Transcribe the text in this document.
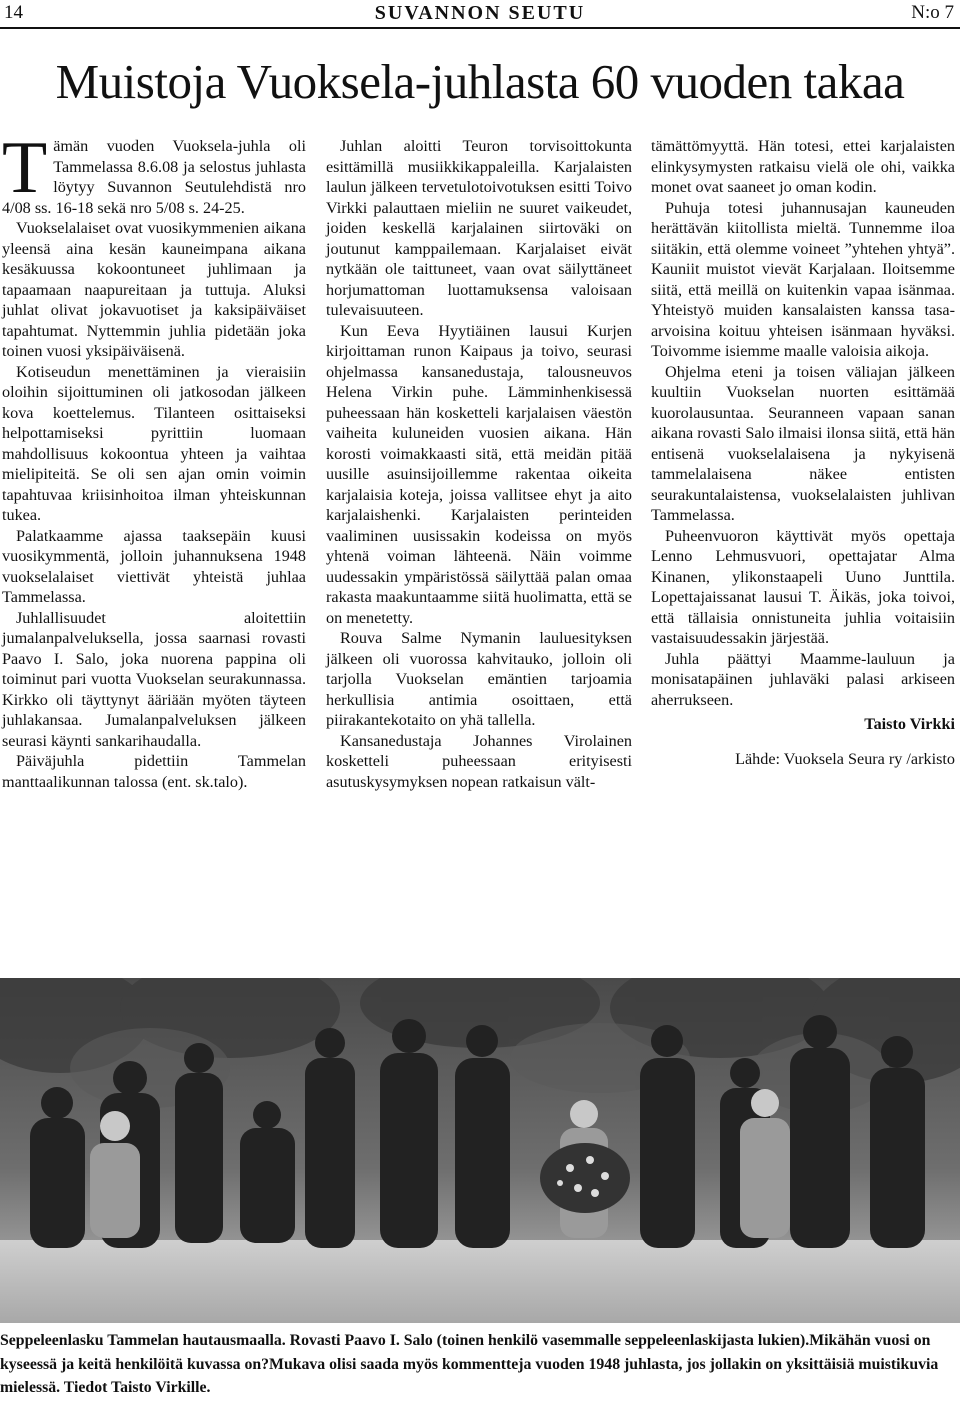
14	SUVANNON SEUTU	N:o 7
Muistoja Vuoksela-juhlasta 60 vuoden takaa

Tämän vuoden Vuoksela-juhla oli Tammelassa 8.6.08 ja selostus juhlasta löytyy Suvannon Seutulehdistä nro 4/08 ss. 16-18 sekä nro 5/08 s. 24-25.

Vuokselalaiset ovat vuosikymmenien aikana yleensä aina kesän kauneimpana aikana kesäkuussa kokoontuneet juhlimaan ja tapaamaan naapureitaan ja tuttuja. Aluksi juhlat olivat jokavuotiset ja kaksipäiväiset tapahtumat. Nyttemmin juhlia pidetään joka toinen vuosi yksipäiväisenä.

Kotiseudun menettäminen ja vieraisiin oloihin sijoittuminen oli jatkosodan jälkeen kova koettelemus. Tilanteen osittaiseksi helpottamiseksi pyrittiin luomaan mahdollisuus kokoontua yhteen ja vaihtaa mielipiteitä. Se oli sen ajan omin voimin tapahtuvaa kriisinhoitoa ilman yhteiskunnan tukea.

Palatkaamme ajassa taaksepäin kuusi vuosikymmentä, jolloin juhannuksena 1948 vuokselalaiset viettivät yhteistä juhlaa Tammelassa.

Juhlallisuudet aloitettiin jumalanpalveluksella, jossa saarnasi rovasti Paavo I. Salo, joka nuorena pappina oli toiminut pari vuotta Vuokselan seurakunnassa. Kirkko oli täyttynyt ääriään myöten täyteen juhlakansaa. Jumalanpalveluksen jälkeen seurasi käynti sankarihaudalla.

Päiväjuhla pidettiin Tammelan manttaalikunnan talossa (ent. sk.talo).

Juhlan aloitti Teuron torvisoittokunta esittämillä musiikkikappaleilla. Karjalaisten laulun jälkeen tervetulotoivotuksen esitti Toivo Virkki palauttaen mieliin ne suuret vaikeudet, joiden keskellä karjalainen siirtoväki on joutunut kamppailemaan. Karjalaiset eivät nytkään ole taittuneet, vaan ovat säilyttäneet horjumattoman luottamuksensa valoisaan tulevaisuuteen.

Kun Eeva Hyytiäinen lausui Kurjen kirjoittaman runon Kaipaus ja toivo, seurasi ohjelmassa kansanedustaja, talousneuvos Helena Virkin puhe. Lämminhenkisessä puheessaan hän kosketteli karjalaisen väestön vaiheita kuluneiden vuosien aikana. Hän korosti voimakkaasti sitä, että meidän pitää uusille asuinsijoillemme rakentaa oikeita karjalaisia koteja, joissa vallitsee ehyt ja aito karjalaishenki. Karjalaisten perinteiden vaaliminen uusissakin kodeissa on myös yhtenä voiman lähteenä. Näin voimme uudessakin ympäristössä säilyttää palan omaa rakasta maakuntaamme siitä huolimatta, että se on menetetty.

Rouva Salme Nymanin lauluesityksen jälkeen oli vuorossa kahvitauko, jolloin oli tarjolla Vuokselan emäntien tarjoamia herkullisia antimia osoittaen, että piirakantekotaito on yhä tallella.

Kansanedustaja Johannes Virolainen kosketteli puheessaan erityisesti asutuskysymyksen nopean ratkaisun vält-

tämättömyyttä. Hän totesi, ettei karjalaisten elinkysymysten ratkaisu vielä ole ohi, vaikka monet ovat saaneet jo oman kodin.

Puhuja totesi juhannusajan kauneuden herättävän kiitollista mieltä. Tunnemme iloa siitäkin, että olemme voineet ”yhtehen yhtyä”. Kauniit muistot vievät Karjalaan. Iloitsemme siitä, että meillä on kuitenkin vapaa isänmaa. Yhteistyö muiden kansalaisten kanssa tasa-arvoisina koituu yhteisen isänmaan hyväksi. Toivomme isiemme maalle valoisia aikoja.

Ohjelma eteni ja toisen väliajan jälkeen kuultiin Vuokselan nuorten esittämää kuorolausuntaa. Seuranneen vapaan sanan aikana rovasti Salo ilmaisi ilonsa siitä, että hän entisenä vuokselalaisena ja nykyisenä tammelalaisena näkee entisten seurakuntalaistensa, vuokselalaisten juhlivan Tammelassa.

Puheenvuoron käyttivät myös opettaja Lenno Lehmusvuori, opettajatar Alma Kinanen, ylikonstaapeli Uuno Junttila. Lopettajaissanat lausui T. Äikäs, joka toivoi, että tällaisia onnistuneita juhlia voitaisiin vastaisuudessakin järjestää.

Juhla päättyi Maamme-lauluun ja monisatapäinen juhlaväki palasi arkiseen aherrukseen.

Taisto Virkki
Lähde: Vuoksela Seura ry /arkisto
Seppeleenlasku Tammelan hautausmaalla. Rovasti Paavo I. Salo (toinen henkilö vasemmalle seppeleenlaskijasta lukien).Mikähän vuosi on kyseessä ja keitä henkilöitä kuvassa on?Mukava olisi saada myös kommentteja vuoden 1948 juhlasta, jos jollakin on yksittäisiä muistikuvia mielessä. Tiedot Taisto Virkille.
